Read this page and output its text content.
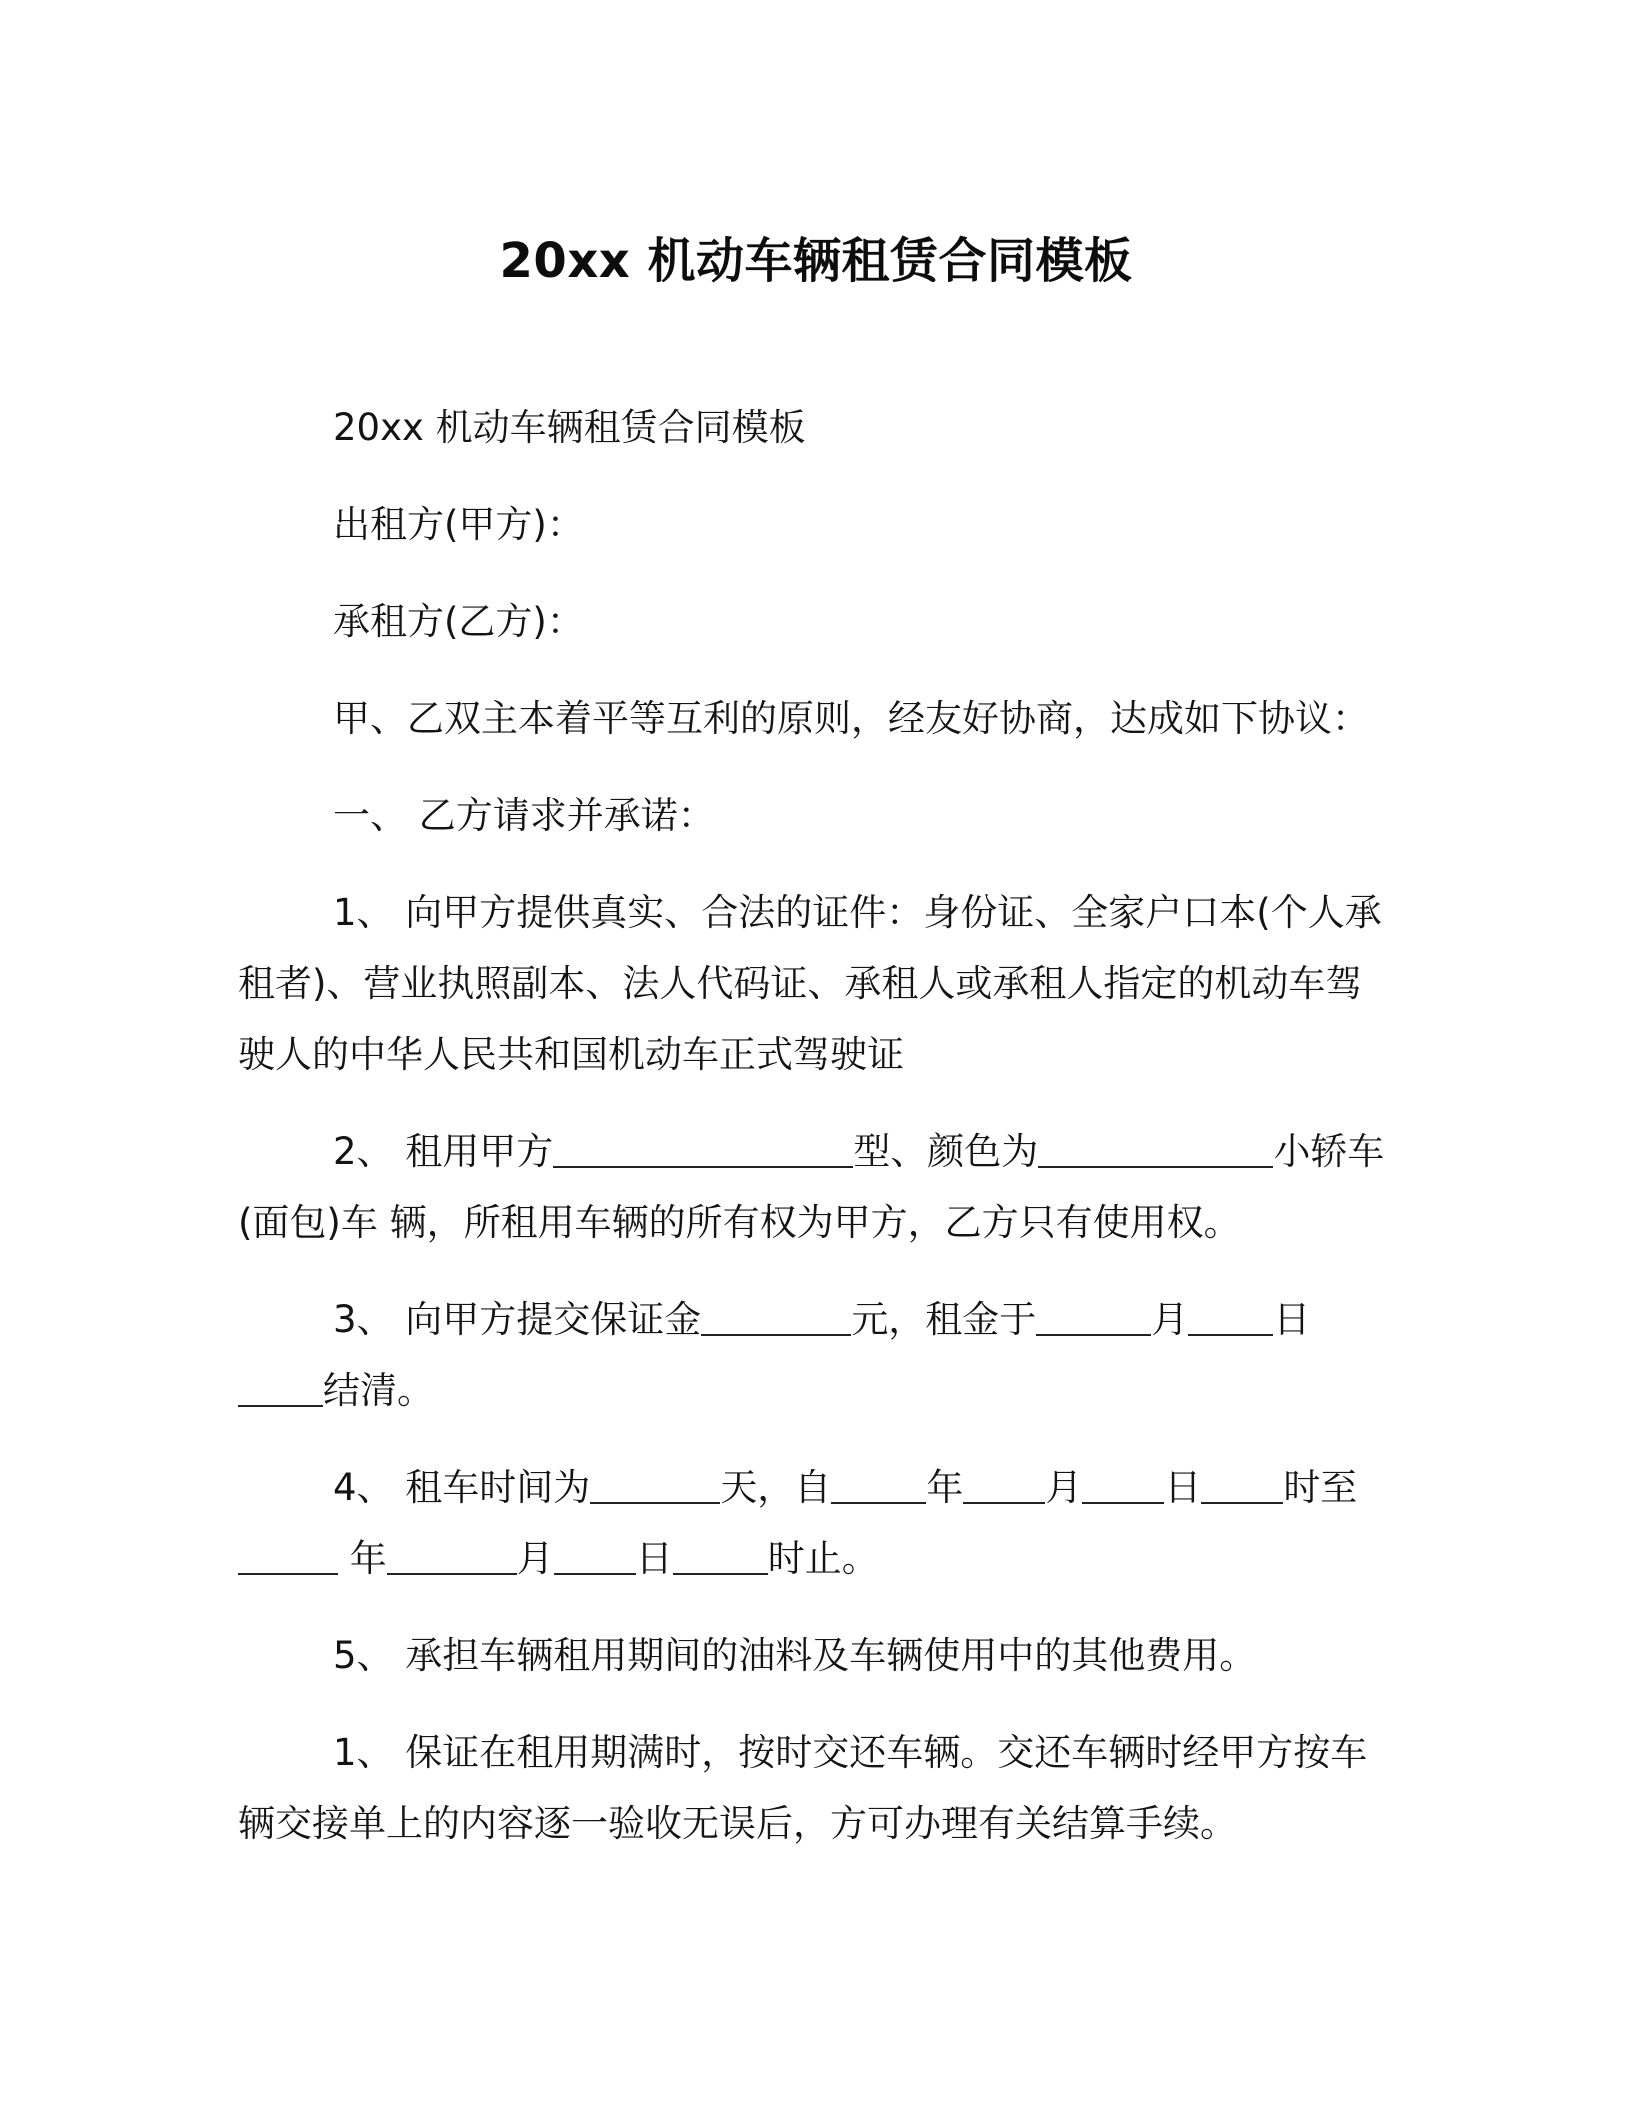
20xx 机动车辆租赁合同模板

20xx 机动车辆租赁合同模板

出租方(甲方)：

承租方(乙方)：

甲、乙双主本着平等互利的原则，经友好协商，达成如下协议：

一、 乙方请求并承诺：

1、 向甲方提供真实、合法的证件：身份证、全家户口本(个人承租者)、营业执照副本、法人代码证、承租人或承租人指定的机动车驾驶人的中华人民共和国机动车正式驾驶证

2、 租用甲方	型、颜色为	小轿车(面包)车 辆，所租用车辆的所有权为甲方，乙方只有使用权。

3、 向甲方提交保证金	元，租金于	月 日结清。

4、 租车时间为	天，自	年 月 日 时至 年	月 日	时止。

5、 承担车辆租用期间的油料及车辆使用中的其他费用。

1、 保证在租用期满时，按时交还车辆。交还车辆时经甲方按车辆交接单上的内容逐一验收无误后，方可办理有关结算手续。
